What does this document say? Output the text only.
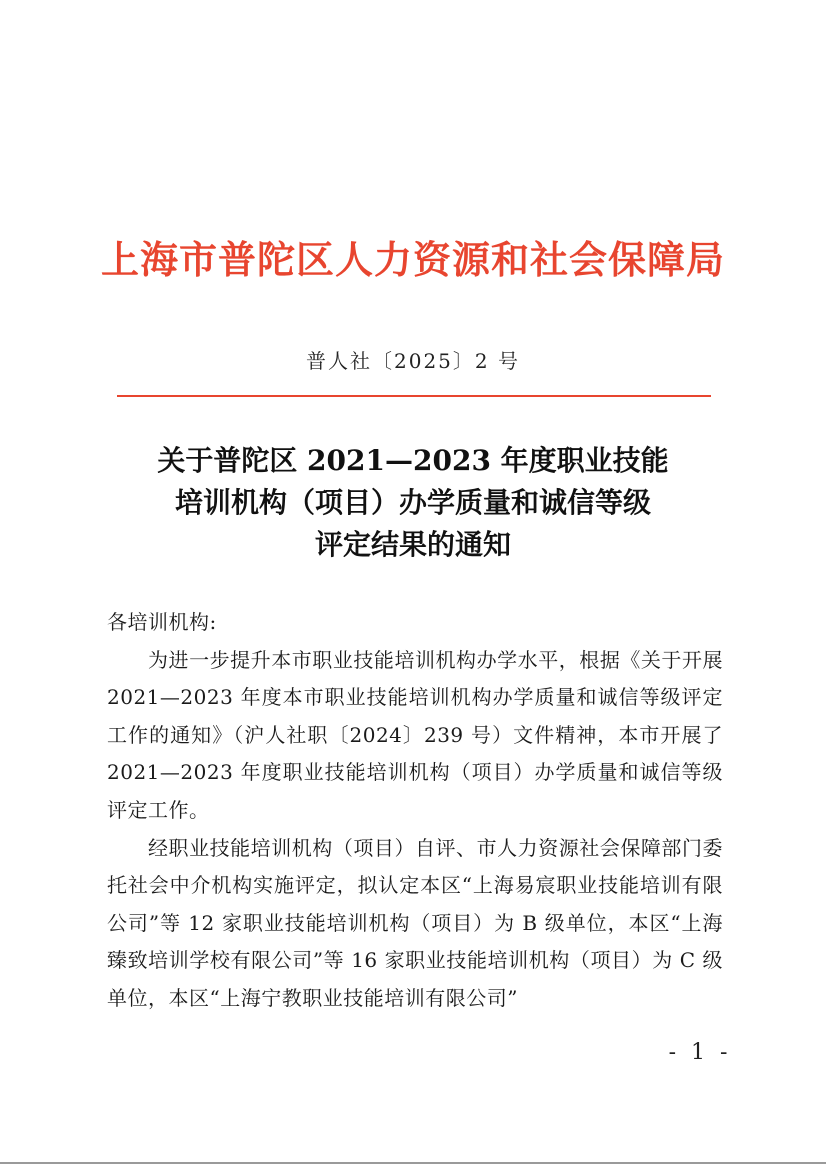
上海市普陀区人力资源和社会保障局
普人社〔2025〕2 号
关于普陀区 2021—2023 年度职业技能
培训机构（项目）办学质量和诚信等级
评定结果的通知

各培训机构:

为进一步提升本市职业技能培训机构办学水平，根据《关于开展 2021—2023 年度本市职业技能培训机构办学质量和诚信等级评定工作的通知》（沪人社职〔2024〕239 号）文件精神，本市开展了 2021—2023 年度职业技能培训机构（项目）办学质量和诚信等级评定工作。

经职业技能培训机构（项目）自评、市人力资源社会保障部门委托社会中介机构实施评定，拟认定本区“上海易宸职业技能培训有限公司”等 12 家职业技能培训机构（项目）为 B 级单位，本区“上海臻致培训学校有限公司”等 16 家职业技能培训机构（项目）为 C 级单位，本区“上海宁教职业技能培训有限公司”

- 1 -
